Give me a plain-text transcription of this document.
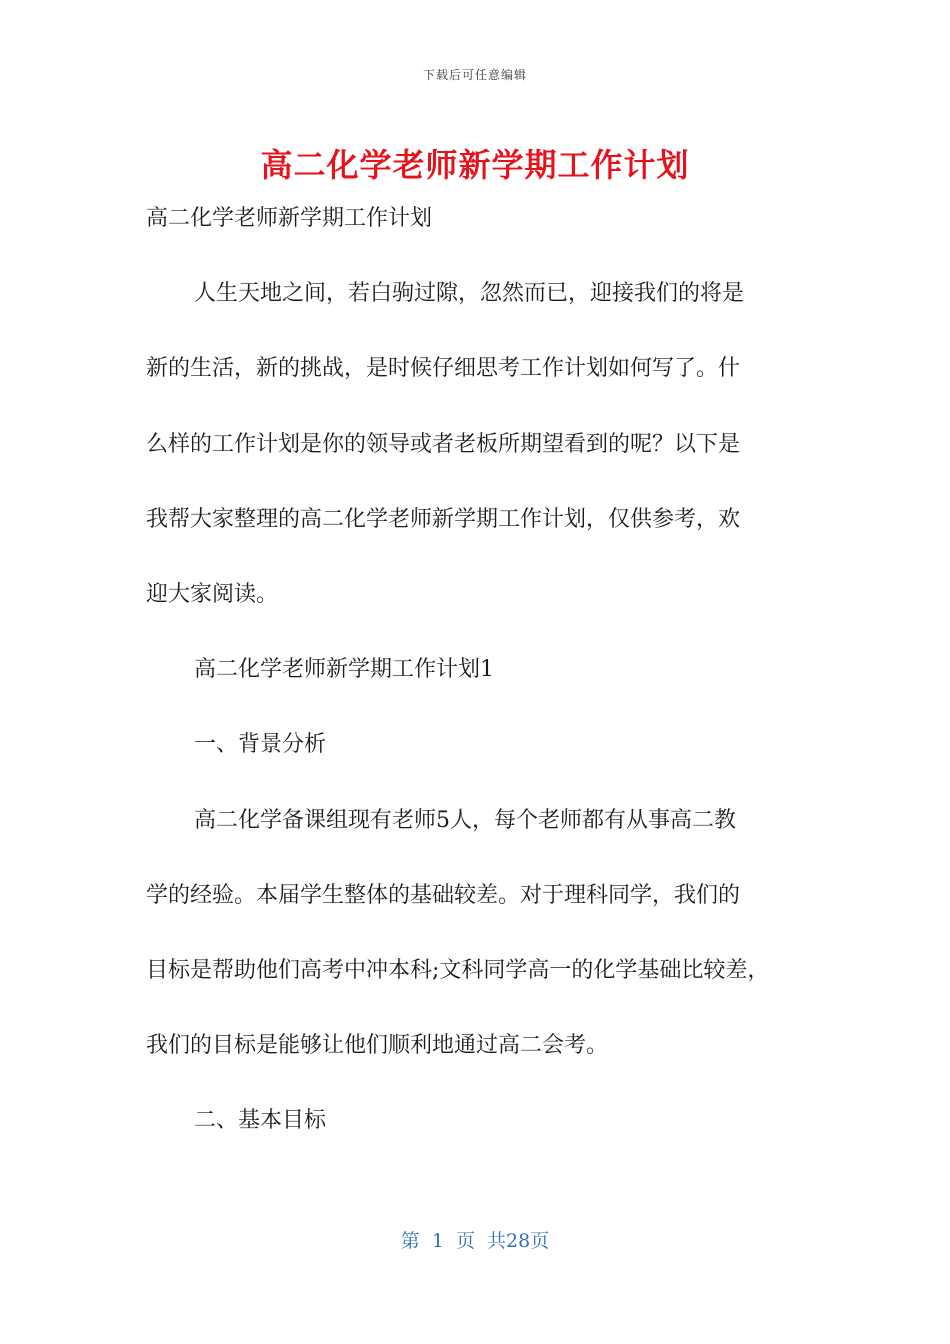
下载后可任意编辑
高二化学老师新学期工作计划
高二化学老师新学期工作计划
人生天地之间，若白驹过隙，忽然而已，迎接我们的将是
新的生活，新的挑战，是时候仔细思考工作计划如何写了。什
么样的工作计划是你的领导或者老板所期望看到的呢？以下是
我帮大家整理的高二化学老师新学期工作计划，仅供参考，欢
迎大家阅读。
高二化学老师新学期工作计划1
一、背景分析
高二化学备课组现有老师5人，每个老师都有从事高二教
学的经验。本届学生整体的基础较差。对于理科同学，我们的
目标是帮助他们高考中冲本科;文科同学高一的化学基础比较差，
我们的目标是能够让他们顺利地通过高二会考。
二、基本目标
第 1 页 共28页
